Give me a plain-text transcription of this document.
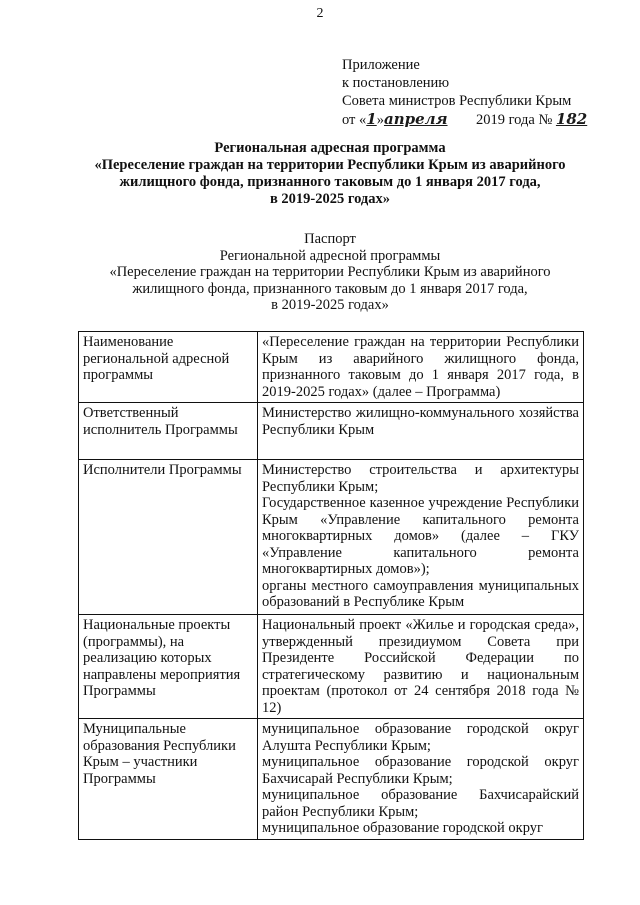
2
Приложение
к постановлению
Совета министров Республики Крым
от «1»апреля 2019 года № 182
Региональная адресная программа
«Переселение граждан на территории Республики Крым из аварийного
жилищного фонда, признанного таковым до 1 января 2017 года,
в 2019-2025 годах»
Паспорт
Региональной адресной программы
«Переселение граждан на территории Республики Крым из аварийного
жилищного фонда, признанного таковым до 1 января 2017 года,
в 2019-2025 годах»
Наименование региональной адресной программы	«Переселение граждан на территории Республики Крым из аварийного жилищного фонда, признанного таковым до 1 января 2017 года, в 2019-2025 годах» (далее – Программа)

Ответственный исполнитель Программы	Министерство жилищно-коммунального хозяйства Республики Крым

Исполнители Программы	Министерство строительства и архитектуры Республики Крым;
Государственное казенное учреждение Республики Крым «Управление капитального ремонта многоквартирных домов» (далее – ГКУ «Управление капитального ремонта многоквартирных домов»);
органы местного самоуправления муниципальных образований в Республике Крым

Национальные проекты (программы), на реализацию которых направлены мероприятия Программы	Национальный проект «Жилье и городская среда», утвержденный президиумом Совета при Президенте Российской Федерации по стратегическому развитию и национальным проектам (протокол от 24 сентября 2018 года № 12)

Муниципальные образования Республики Крым – участники Программы	муниципальное образование городской округ Алушта Республики Крым;
муниципальное образование городской округ Бахчисарай Республики Крым;
муниципальное образование Бахчисарайский район Республики Крым;
муниципальное образование городской округ
